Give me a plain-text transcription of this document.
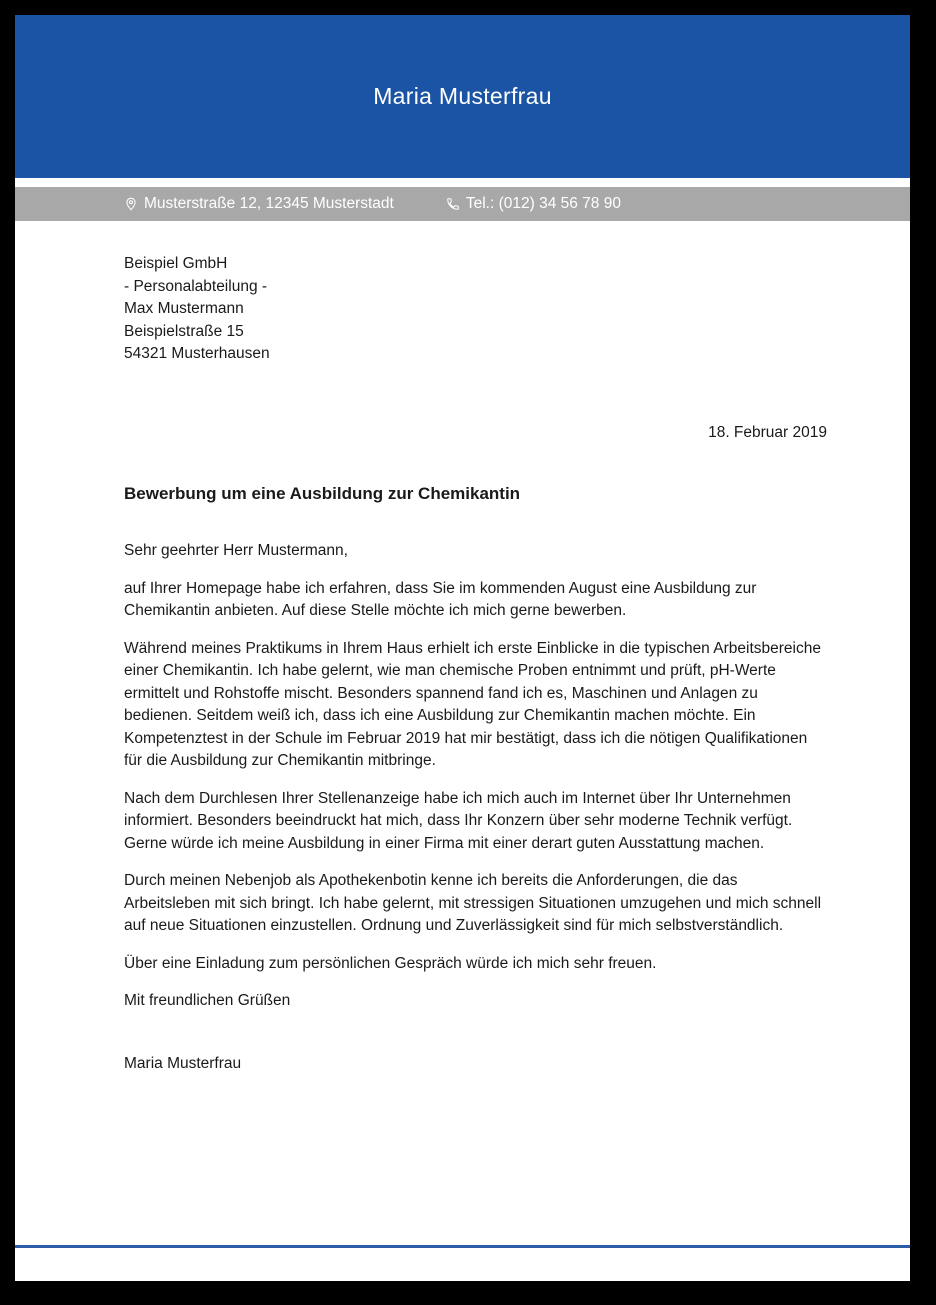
Maria Musterfrau
Musterstraße 12, 12345 Musterstadt	Tel.: (012) 34 56 78 90
Beispiel GmbH
- Personalabteilung -
Max Mustermann
Beispielstraße 15
54321 Musterhausen
18. Februar 2019
Bewerbung um eine Ausbildung zur Chemikantin
Sehr geehrter Herr Mustermann,

auf Ihrer Homepage habe ich erfahren, dass Sie im kommenden August eine Ausbildung zur Chemikantin anbieten. Auf diese Stelle möchte ich mich gerne bewerben.

Während meines Praktikums in Ihrem Haus erhielt ich erste Einblicke in die typischen Arbeitsbereiche einer Chemikantin. Ich habe gelernt, wie man chemische Proben entnimmt und prüft, pH-Werte ermittelt und Rohstoffe mischt. Besonders spannend fand ich es, Maschinen und Anlagen zu bedienen. Seitdem weiß ich, dass ich eine Ausbildung zur Chemikantin machen möchte. Ein Kompetenztest in der Schule im Februar 2019 hat mir bestätigt, dass ich die nötigen Qualifikationen für die Ausbildung zur Chemikantin mitbringe.

Nach dem Durchlesen Ihrer Stellenanzeige habe ich mich auch im Internet über Ihr Unternehmen informiert. Besonders beeindruckt hat mich, dass Ihr Konzern über sehr moderne Technik verfügt. Gerne würde ich meine Ausbildung in einer Firma mit einer derart guten Ausstattung machen.

Durch meinen Nebenjob als Apothekenbotin kenne ich bereits die Anforderungen, die das Arbeitsleben mit sich bringt. Ich habe gelernt, mit stressigen Situationen umzugehen und mich schnell auf neue Situationen einzustellen. Ordnung und Zuverlässigkeit sind für mich selbstverständlich.

Über eine Einladung zum persönlichen Gespräch würde ich mich sehr freuen.

Mit freundlichen Grüßen
Maria Musterfrau
